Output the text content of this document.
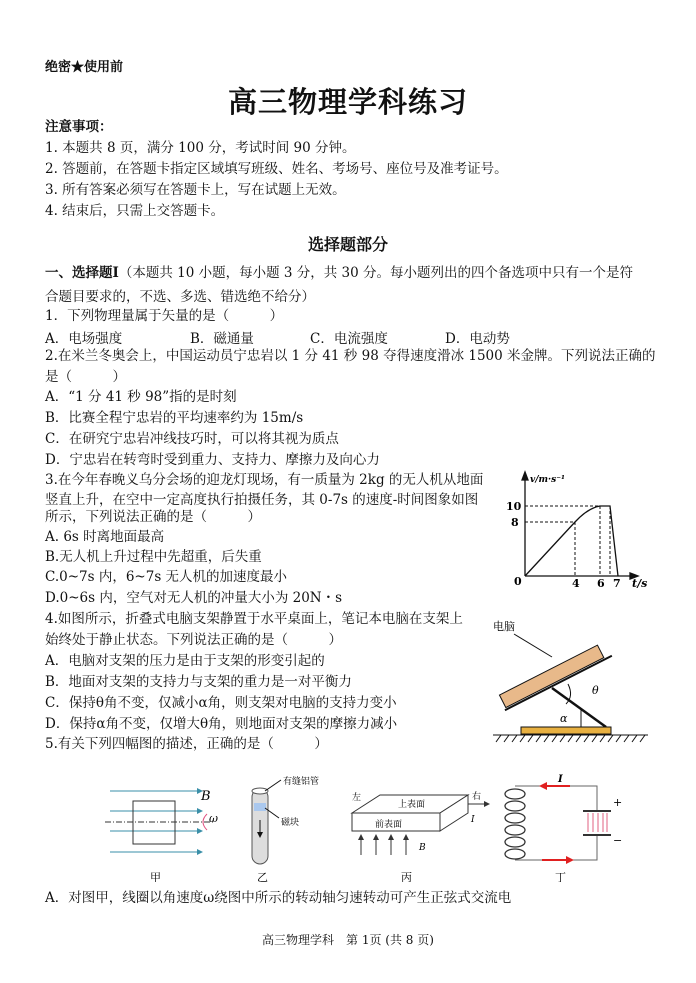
绝密★使用前
高三物理学科练习
注意事项：
1. 本题共 8 页，满分 100 分，考试时间 90 分钟。
2. 答题前，在答题卡指定区域填写班级、姓名、考场号、座位号及准考证号。
3. 所有答案必须写在答题卡上，写在试题上无效。
4. 结束后，只需上交答题卡。
选择题部分
一、选择题Ⅰ（本题共 10 小题，每小题 3 分，共 30 分。每小题列出的四个备选项中只有一个是符
合题目要求的，不选、多选、错选绝不给分）
1．下列物理量属于矢量的是（　　　）
A．电场强度	B．磁通量	C．电流强度	D．电动势
2.在米兰冬奥会上，中国运动员宁忠岩以 1 分 41 秒 98 夺得速度滑冰 1500 米金牌。下列说法正确的
是（　　　）
A．“1 分 41 秒 98”指的是时刻
B．比赛全程宁忠岩的平均速率约为 15m/s
C．在研究宁忠岩冲线技巧时，可以将其视为质点
D．宁忠岩在转弯时受到重力、支持力、摩擦力及向心力
3.在今年春晚义乌分会场的迎龙灯现场，有一质量为 2kg 的无人机从地面
竖直上升，在空中一定高度执行拍摄任务，其 0-7s 的速度-时间图象如图
所示，下列说法正确的是（　　　）
A. 6s 时离地面最高
B.无人机上升过程中先超重，后失重
C.0~7s 内，6~7s 无人机的加速度最小
D.0~6s 内，空气对无人机的冲量大小为 20N・s
v/m·s⁻¹
10
8
0	4 6 7 t/s
4.如图所示，折叠式电脑支架静置于水平桌面上，笔记本电脑在支架上
始终处于静止状态。下列说法正确的是（　　　）
A．电脑对支架的压力是由于支架的形变引起的
B．地面对支架的支持力与支架的重力是一对平衡力
C．保持θ角不变，仅减小α角，则支架对电脑的支持力变小
D．保持α角不变，仅增大θ角，则地面对支架的摩擦力减小
电脑
θ
α
5.有关下列四幅图的描述，正确的是（　　　）
B
ω
甲
有缝铝管
磁块
乙
左
上表面
右
前表面
B
I
丙
I
+
−
丁
A．对图甲，线圈以角速度ω绕图中所示的转动轴匀速转动可产生正弦式交流电
高三物理学科　第 1页 (共 8 页)
